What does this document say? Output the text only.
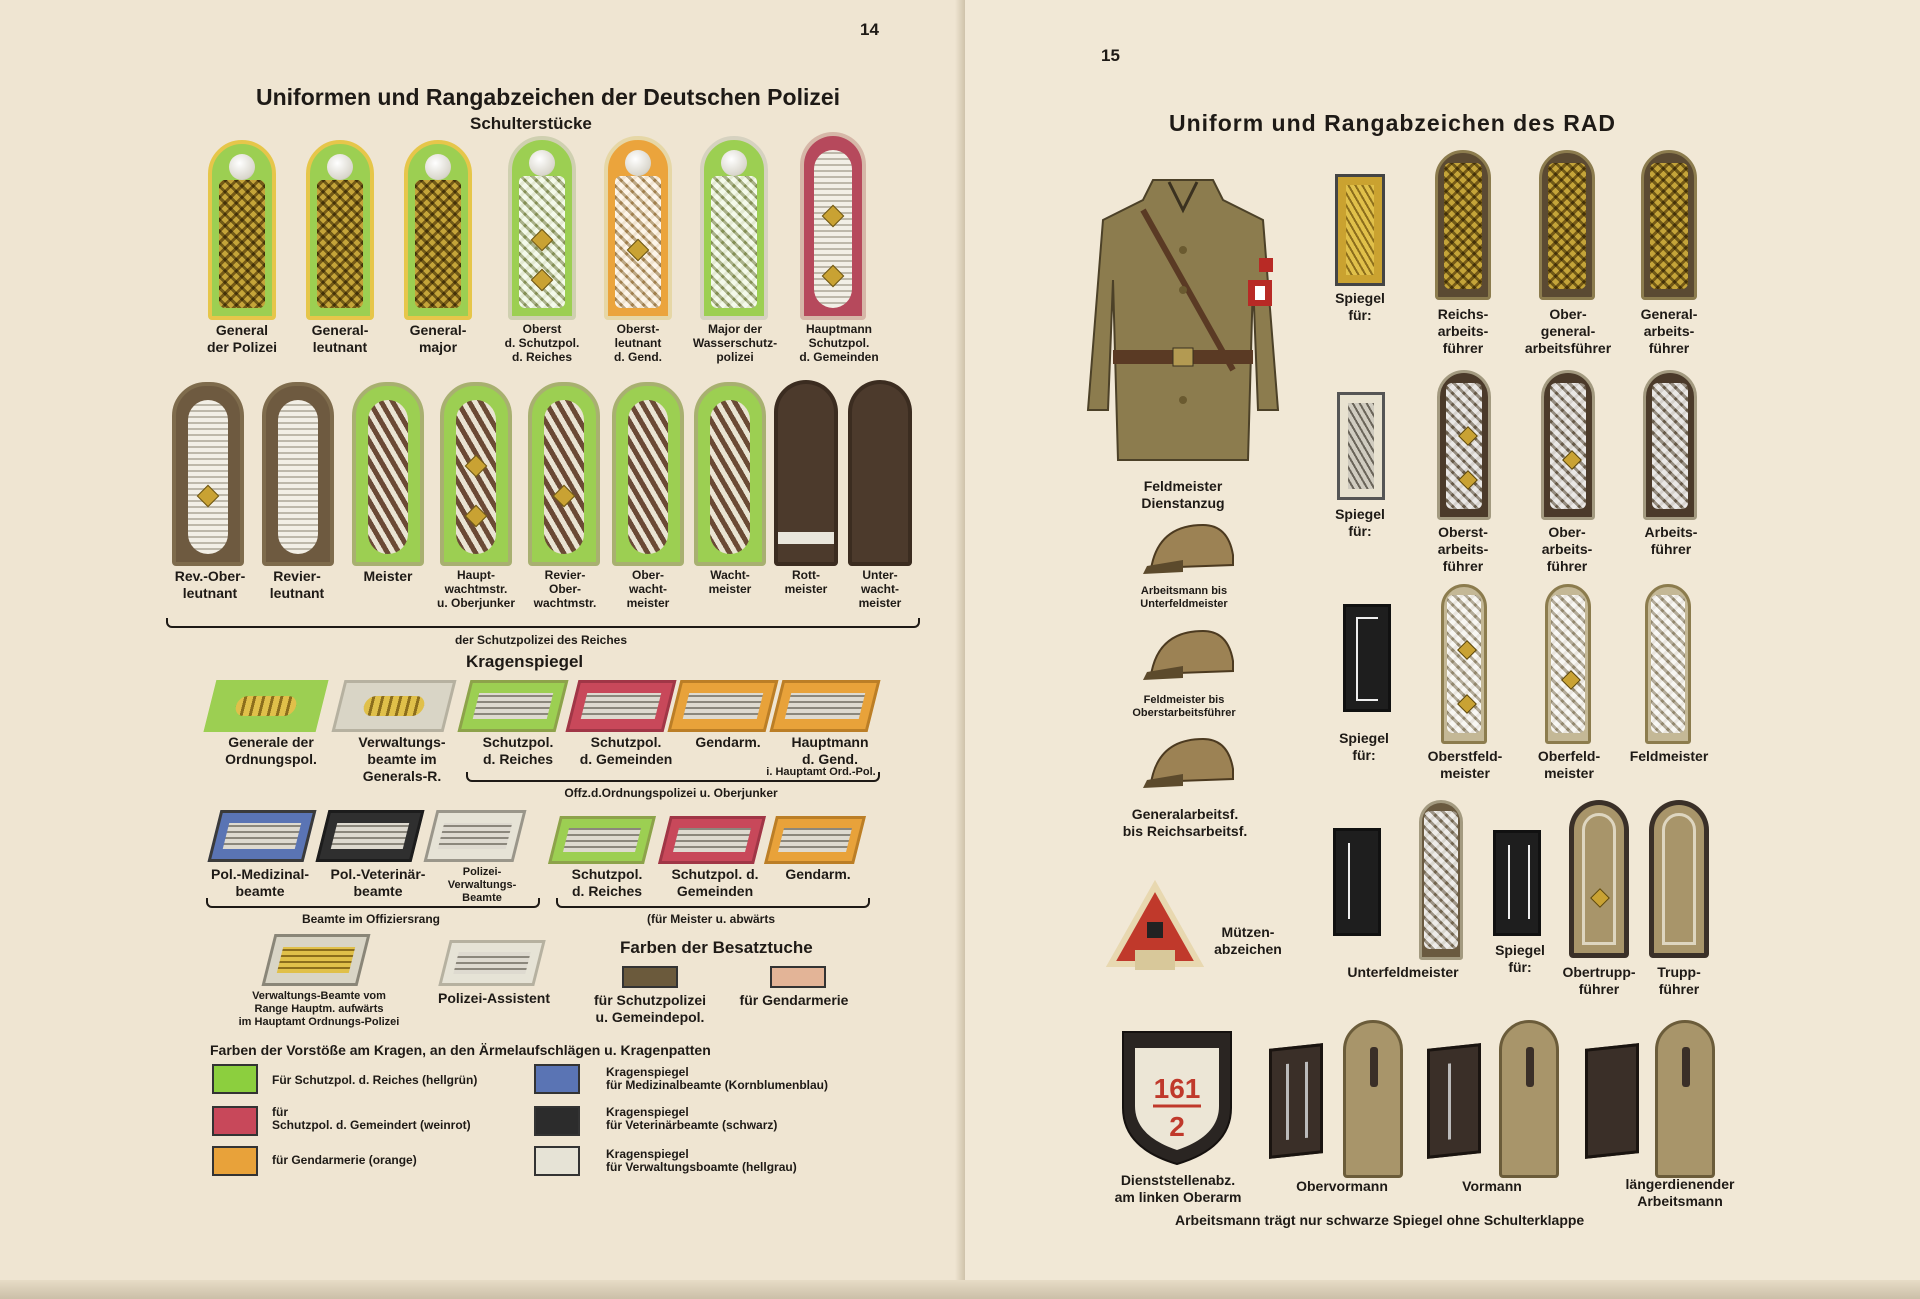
14
Uniformen und Rangabzeichen der Deutschen Polizei
Schulterstücke
General
der Polizei
General-
leutnant
General-
major
Oberst
d. Schutzpol.
d. Reiches
Oberst-
leutnant
d. Gend.
Major der
Wasserschutz-
polizei
Hauptmann
Schutzpol.
d. Gemeinden
Rev.-Ober-
leutnant
Revier-
leutnant
Meister	Haupt-
wachtmstr.
u. Oberjunker
Revier-
Ober-
wachtmstr.
Ober-
wacht-
meister
Wacht-
meister
Rott-
meister
Unter-
wacht-
meister
der Schutzpolizei des Reiches
Kragenspiegel
Generale der
Ordnungspol.
Verwaltungs-
beamte im
Generals-R.
Schutzpol.
d. Reiches
Schutzpol.
d. Gemeinden
Gendarm.	Hauptmann
d. Gend.
i. Hauptamt Ord.-Pol.
Offz.d.Ordnungspolizei u. Oberjunker
Pol.-Medizinal-
beamte
Pol.-Veterinär-
beamte
Polizei-
Verwaltungs-
Beamte
Schutzpol.
d. Reiches
Schutzpol. d.
Gemeinden
Gendarm.
Beamte im Offiziersrang	(für Meister u. abwärts
Verwaltungs-Beamte vom
Range Hauptm. aufwärts
im Hauptamt Ordnungs-Polizei
Polizei-Assistent
Farben der Besatztuche
für Schutzpolizei
u. Gemeindepol.
für Gendarmerie
Farben der Vorstöße am Kragen, an den Ärmelaufschlägen u. Kragenpatten
Für Schutzpol. d. Reiches (hellgrün)
für
Schutzpol. d. Gemeindert (weinrot)
für Gendarmerie (orange)
Kragenspiegel
für Medizinalbeamte (Kornblumenblau)
Kragenspiegel
für Veterinärbeamte (schwarz)
Kragenspiegel
für Verwaltungsboamte (hellgrau)
15
Uniform und Rangabzeichen des RAD
Feldmeister
Dienstanzug
Arbeitsmann bis
Unterfeldmeister
Feldmeister bis
Oberstarbeitsführer
Generalarbeitsf.
bis Reichsarbeitsf.
Spiegel
für:	Reichs-
arbeits-
führer
Ober-
general-
arbeitsführer
General-
arbeits-
führer
Spiegel
für:	Oberst-
arbeits-
führer
Ober-
arbeits-
führer
Arbeits-
führer
Spiegel
für:	Oberstfeld-
meister
Oberfeld-
meister
Feldmeister
Mützen-
abzeichen
Unterfeldmeister
Spiegel
für:	Obertrupp-
führer
Trupp-
führer
161
2
Dienststellenabz.
am linken Oberarm
Obervormann	Vormann	längerdienender
Arbeitsmann
Arbeitsmann trägt nur schwarze Spiegel ohne Schulterklappe
